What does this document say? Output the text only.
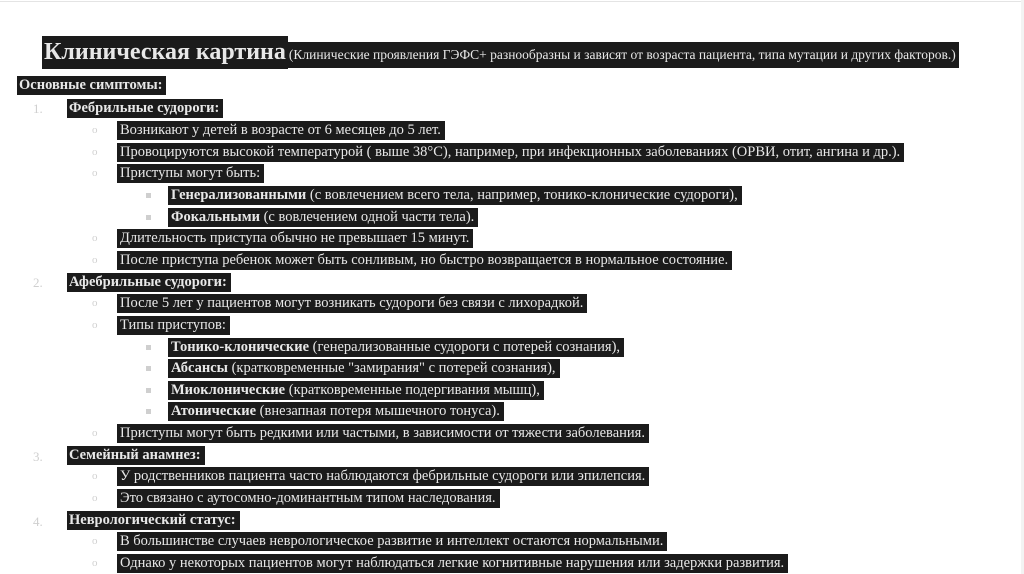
Клиническая картина (Клинические проявления ГЭФС+ разнообразны и зависят от возраста пациента, типа мутации и других факторов.)
Основные симптомы:
1. Фебрильные судороги:
o Возникают у детей в возрасте от 6 месяцев до 5 лет.
o Провоцируются высокой температурой ( выше 38°C), например, при инфекционных заболеваниях (ОРВИ, отит, ангина и др.).
o Приступы могут быть:
Генерализованными (с вовлечением всего тела, например, тонико-клонические судороги),
Фокальными (с вовлечением одной части тела).
o Длительность приступа обычно не превышает 15 минут.
o После приступа ребенок может быть сонливым, но быстро возвращается в нормальное состояние.
2. Афебрильные судороги:
o После 5 лет у пациентов могут возникать судороги без связи с лихорадкой.
o Типы приступов:
Тонико-клонические (генерализованные судороги с потерей сознания),
Абсансы (кратковременные "замирания" с потерей сознания),
Миоклонические (кратковременные подергивания мышц),
Атонические (внезапная потеря мышечного тонуса).
o Приступы могут быть редкими или частыми, в зависимости от тяжести заболевания.
3. Семейный анамнез:
o У родственников пациента часто наблюдаются фебрильные судороги или эпилепсия.
o Это связано с аутосомно-доминантным типом наследования.
4. Неврологический статус:
o В большинстве случаев неврологическое развитие и интеллект остаются нормальными.
o Однако у некоторых пациентов могут наблюдаться легкие когнитивные нарушения или задержки развития.
